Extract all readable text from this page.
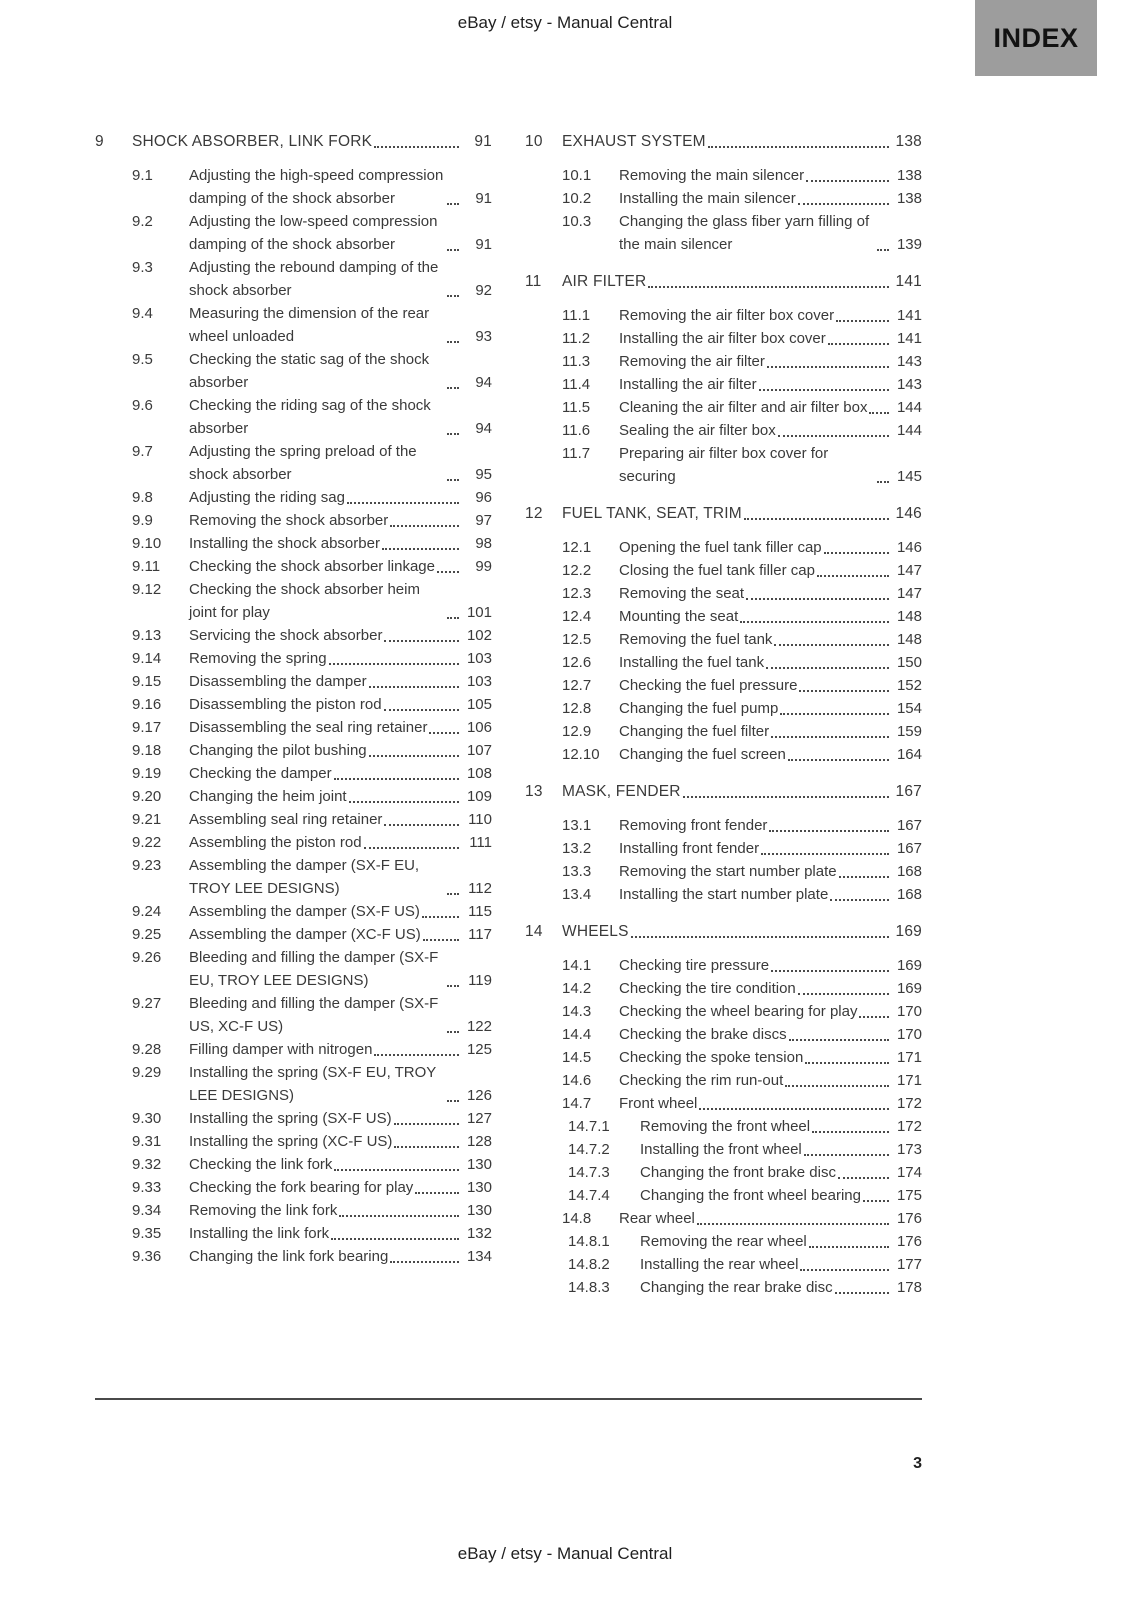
eBay / etsy - Manual Central	INDEX
9	SHOCK ABSORBER, LINK FORK	91
9.1	Adjusting the high-speed compression damping of the shock absorber	91
9.2	Adjusting the low-speed compression damping of the shock absorber	91
9.3	Adjusting the rebound damping of the shock absorber	92
9.4	Measuring the dimension of the rear wheel unloaded	93
9.5	Checking the static sag of the shock absorber	94
9.6	Checking the riding sag of the shock absorber	94
9.7	Adjusting the spring preload of the shock absorber	95
9.8	Adjusting the riding sag	96
9.9	Removing the shock absorber	97
9.10	Installing the shock absorber	98
9.11	Checking the shock absorber linkage	99
9.12	Checking the shock absorber heim joint for play	101
9.13	Servicing the shock absorber	102
9.14	Removing the spring	103
9.15	Disassembling the damper	103
9.16	Disassembling the piston rod	105
9.17	Disassembling the seal ring retainer	106
9.18	Changing the pilot bushing	107
9.19	Checking the damper	108
9.20	Changing the heim joint	109
9.21	Assembling seal ring retainer	110
9.22	Assembling the piston rod	111
9.23	Assembling the damper (SX-F EU, TROY LEE DESIGNS)	112
9.24	Assembling the damper (SX-F US)	115
9.25	Assembling the damper (XC-F US)	117
9.26	Bleeding and filling the damper (SX-F EU, TROY LEE DESIGNS)	119
9.27	Bleeding and filling the damper (SX-F US, XC-F US)	122
9.28	Filling damper with nitrogen	125
9.29	Installing the spring (SX-F EU, TROY LEE DESIGNS)	126
9.30	Installing the spring (SX-F US)	127
9.31	Installing the spring (XC-F US)	128
9.32	Checking the link fork	130
9.33	Checking the fork bearing for play	130
9.34	Removing the link fork	130
9.35	Installing the link fork	132
9.36	Changing the link fork bearing	134
10	EXHAUST SYSTEM	138
10.1	Removing the main silencer	138
10.2	Installing the main silencer	138
10.3	Changing the glass fiber yarn filling of the main silencer	139
11	AIR FILTER	141
11.1	Removing the air filter box cover	141
11.2	Installing the air filter box cover	141
11.3	Removing the air filter	143
11.4	Installing the air filter	143
11.5	Cleaning the air filter and air filter box	144
11.6	Sealing the air filter box	144
11.7	Preparing air filter box cover for securing	145
12	FUEL TANK, SEAT, TRIM	146
12.1	Opening the fuel tank filler cap	146
12.2	Closing the fuel tank filler cap	147
12.3	Removing the seat	147
12.4	Mounting the seat	148
12.5	Removing the fuel tank	148
12.6	Installing the fuel tank	150
12.7	Checking the fuel pressure	152
12.8	Changing the fuel pump	154
12.9	Changing the fuel filter	159
12.10	Changing the fuel screen	164
13	MASK, FENDER	167
13.1	Removing front fender	167
13.2	Installing front fender	167
13.3	Removing the start number plate	168
13.4	Installing the start number plate	168
14	WHEELS	169
14.1	Checking tire pressure	169
14.2	Checking the tire condition	169
14.3	Checking the wheel bearing for play	170
14.4	Checking the brake discs	170
14.5	Checking the spoke tension	171
14.6	Checking the rim run-out	171
14.7	Front wheel	172
14.7.1	Removing the front wheel	172
14.7.2	Installing the front wheel	173
14.7.3	Changing the front brake disc	174
14.7.4	Changing the front wheel bearing	175
14.8	Rear wheel	176
14.8.1	Removing the rear wheel	176
14.8.2	Installing the rear wheel	177
14.8.3	Changing the rear brake disc	178
3
eBay / etsy - Manual Central
